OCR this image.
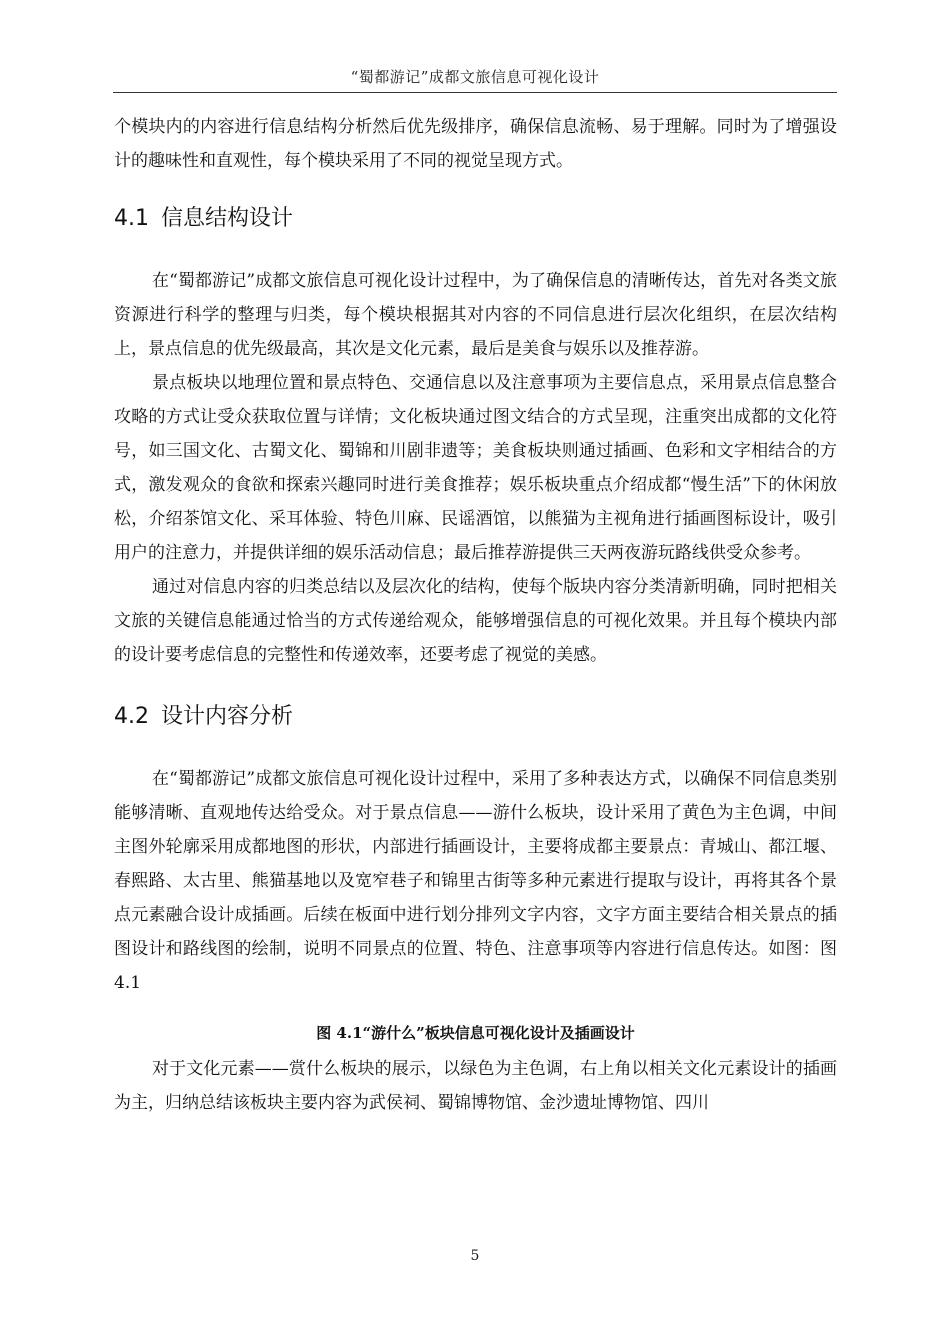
“蜀都游记”成都文旅信息可视化设计

个模块内的内容进行信息结构分析然后优先级排序，确保信息流畅、易于理解。同时为了增强设计的趣味性和直观性，每个模块采用了不同的视觉呈现方式。

4.1 信息结构设计

在“蜀都游记”成都文旅信息可视化设计过程中，为了确保信息的清晰传达，首先对各类文旅资源进行科学的整理与归类，每个模块根据其对内容的不同信息进行层次化组织，在层次结构上，景点信息的优先级最高，其次是文化元素，最后是美食与娱乐以及推荐游。

景点板块以地理位置和景点特色、交通信息以及注意事项为主要信息点，采用景点信息整合攻略的方式让受众获取位置与详情；文化板块通过图文结合的方式呈现，注重突出成都的文化符号，如三国文化、古蜀文化、蜀锦和川剧非遗等；美食板块则通过插画、色彩和文字相结合的方式，激发观众的食欲和探索兴趣同时进行美食推荐；娱乐板块重点介绍成都“慢生活”下的休闲放松，介绍茶馆文化、采耳体验、特色川麻、民谣酒馆，以熊猫为主视角进行插画图标设计，吸引用户的注意力，并提供详细的娱乐活动信息；最后推荐游提供三天两夜游玩路线供受众参考。

通过对信息内容的归类总结以及层次化的结构，使每个版块内容分类清新明确，同时把相关文旅的关键信息能通过恰当的方式传递给观众，能够增强信息的可视化效果。并且每个模块内部的设计要考虑信息的完整性和传递效率，还要考虑了视觉的美感。

4.2 设计内容分析

在“蜀都游记”成都文旅信息可视化设计过程中，采用了多种表达方式，以确保不同信息类别能够清晰、直观地传达给受众。对于景点信息——游什么板块，设计采用了黄色为主色调，中间主图外轮廓采用成都地图的形状，内部进行插画设计，主要将成都主要景点：青城山、都江堰、春熙路、太古里、熊猫基地以及宽窄巷子和锦里古街等多种元素进行提取与设计，再将其各个景点元素融合设计成插画。后续在板面中进行划分排列文字内容，文字方面主要结合相关景点的插图设计和路线图的绘制，说明不同景点的位置、特色、注意事项等内容进行信息传达。如图：图 4.1

图 4.1“游什么”板块信息可视化设计及插画设计

对于文化元素——赏什么板块的展示，以绿色为主色调，右上角以相关文化元素设计的插画为主，归纳总结该板块主要内容为武侯祠、蜀锦博物馆、金沙遗址博物馆、四川

5
